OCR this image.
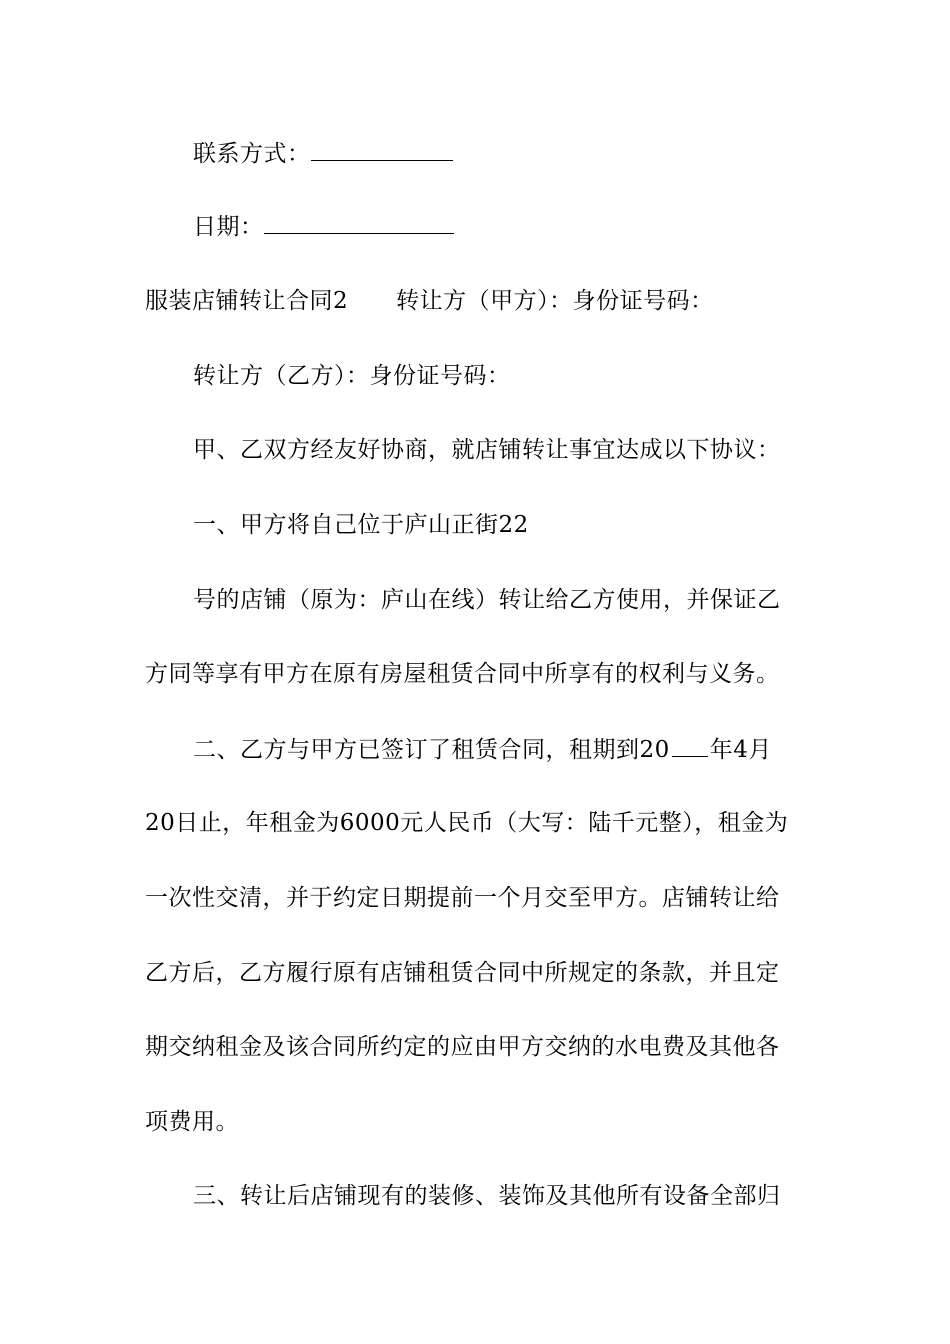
联系方式：
日期：
服装店铺转让合同2 转让方（甲方）：身份证号码：
转让方（乙方）：身份证号码：
甲、乙双方经友好协商，就店铺转让事宜达成以下协议：
一、甲方将自己位于庐山正街22
号的店铺（原为：庐山在线）转让给乙方使用，并保证乙
方同等享有甲方在原有房屋租赁合同中所享有的权利与义务。
二、乙方与甲方已签订了租赁合同，租期到20 年4月
20日止，年租金为6000元人民币（大写：陆千元整），租金为
一次性交清，并于约定日期提前一个月交至甲方。店铺转让给
乙方后，乙方履行原有店铺租赁合同中所规定的条款，并且定
期交纳租金及该合同所约定的应由甲方交纳的水电费及其他各
项费用。
三、转让后店铺现有的装修、装饰及其他所有设备全部归
